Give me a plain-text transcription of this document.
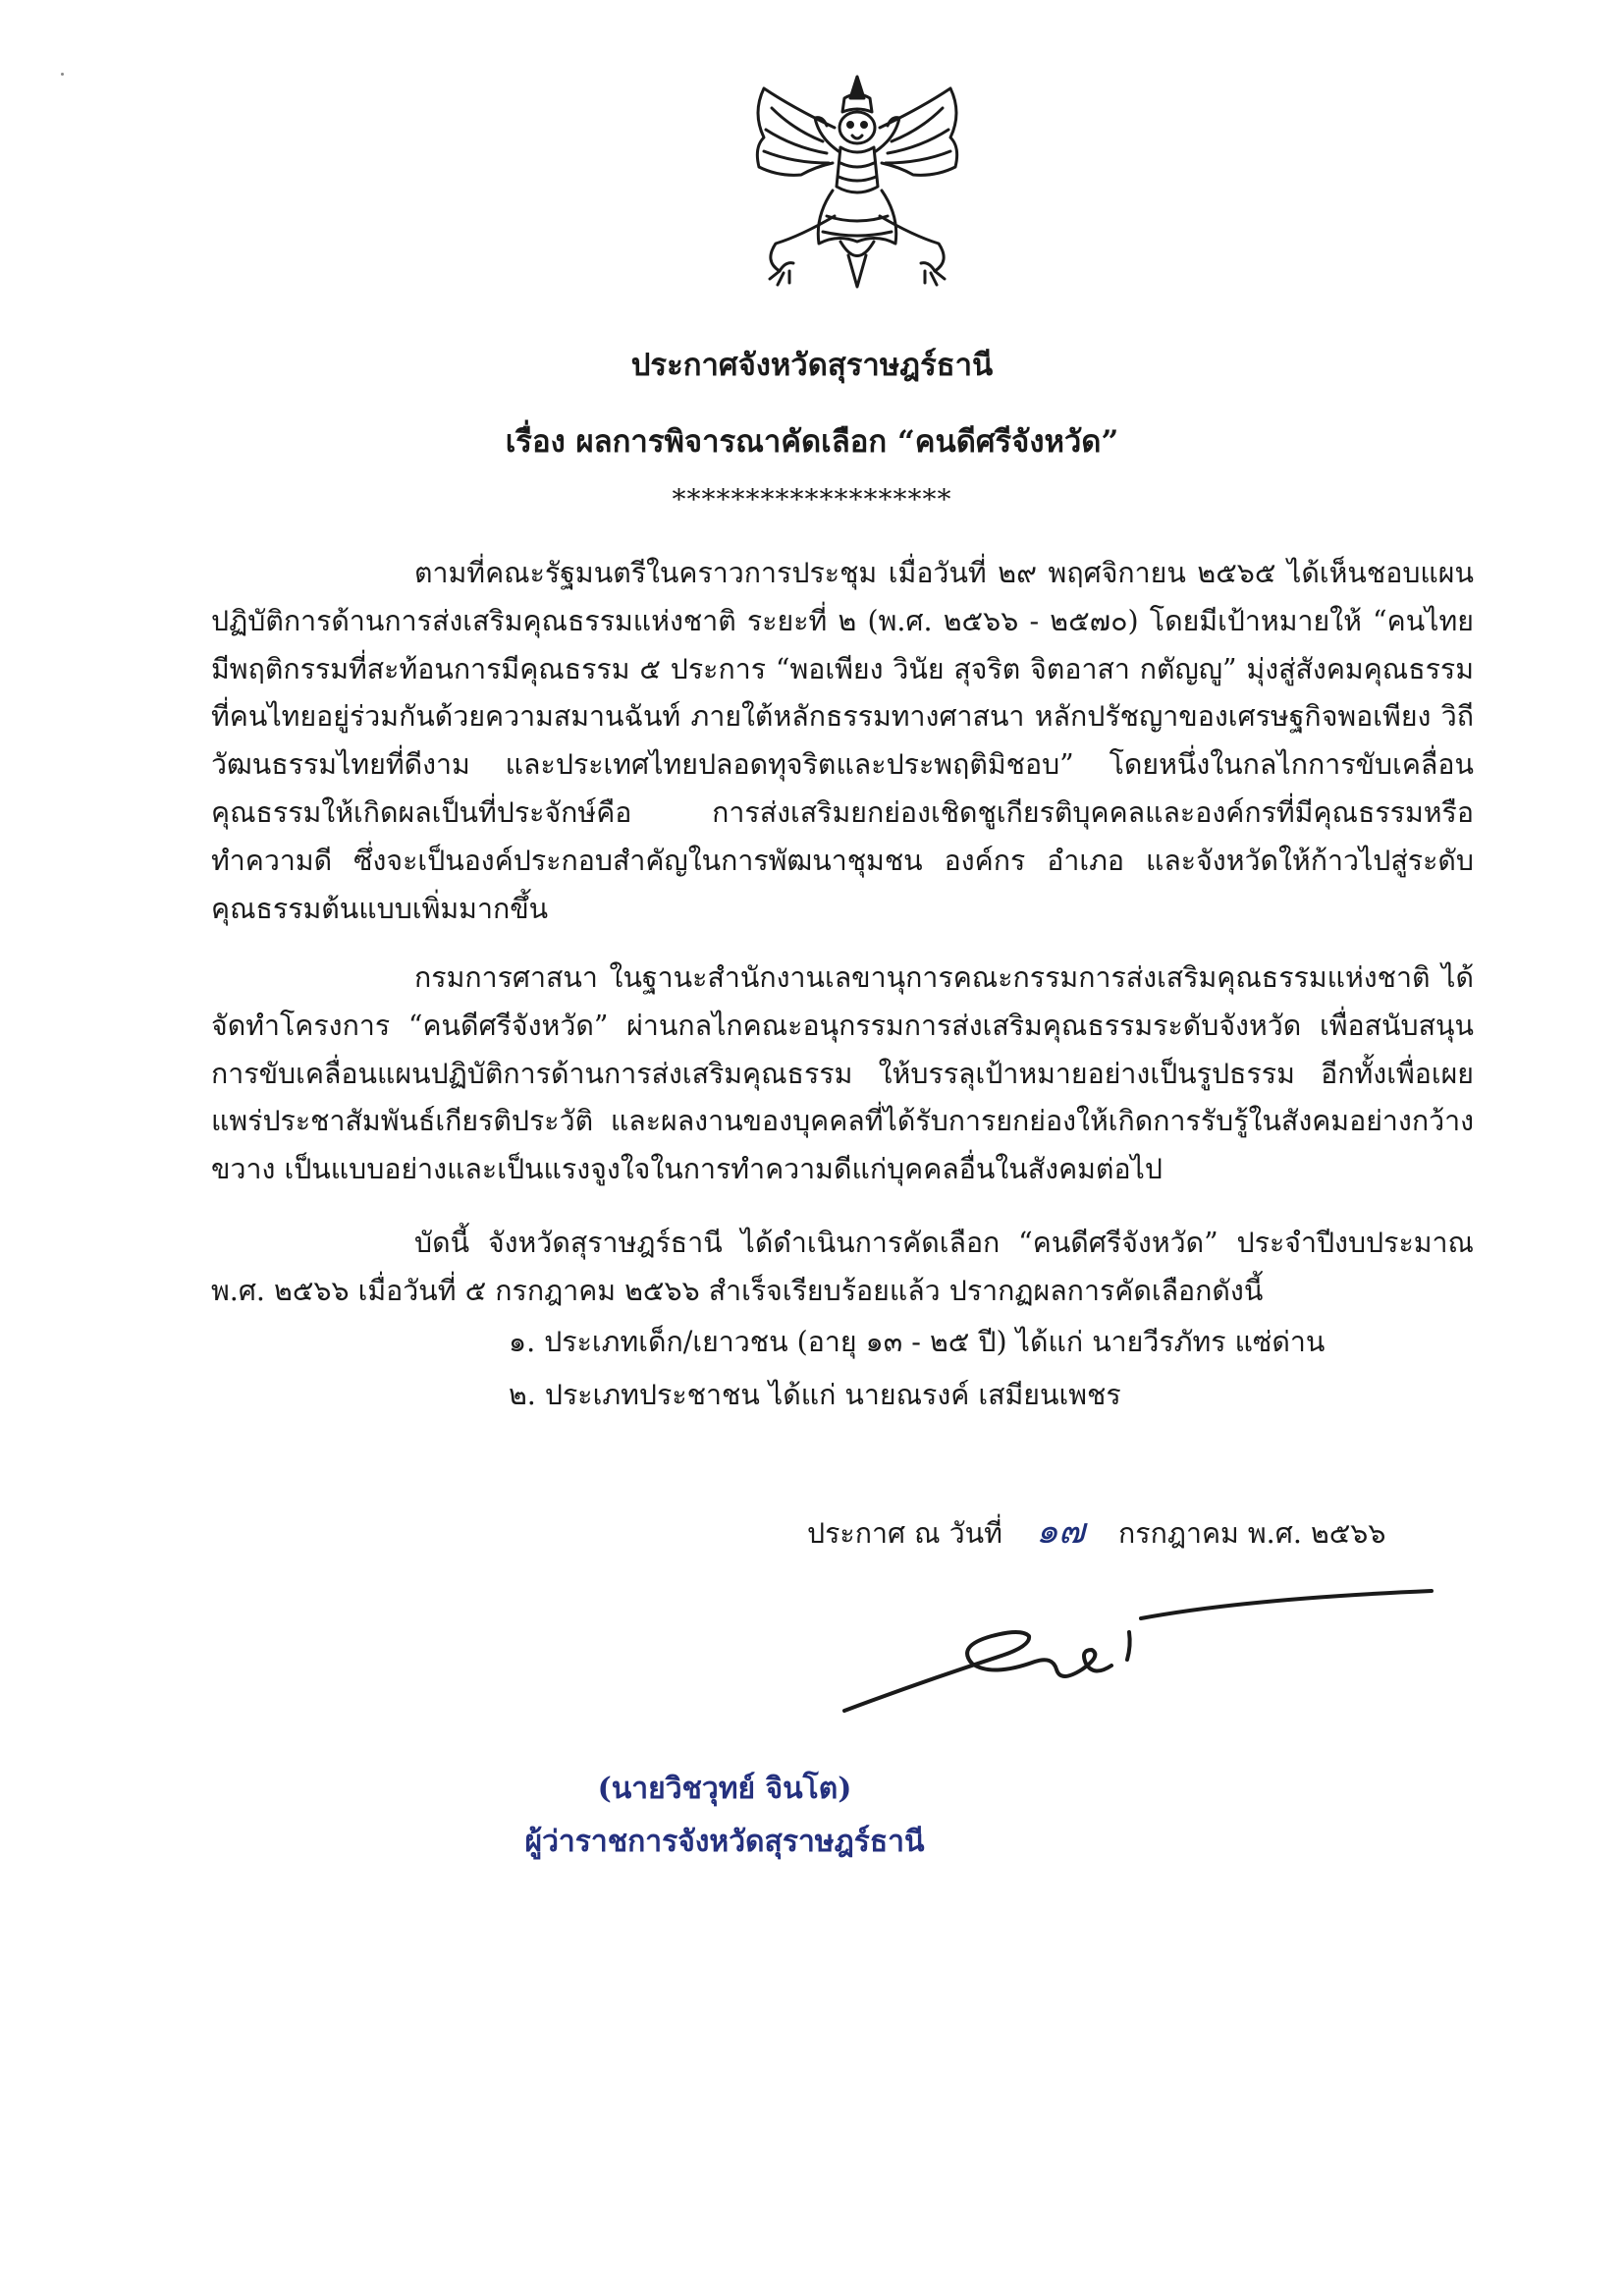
ประกาศจังหวัดสุราษฎร์ธานี
เรื่อง ผลการพิจารณาคัดเลือก “คนดีศรีจังหวัด”
*******************

ตามที่คณะรัฐมนตรีในคราวการประชุม เมื่อวันที่ ๒๙ พฤศจิกายน ๒๕๖๕ ได้เห็นชอบแผนปฏิบัติการด้านการส่งเสริมคุณธรรมแห่งชาติ ระยะที่ ๒ (พ.ศ. ๒๕๖๖ - ๒๕๗๐) โดยมีเป้าหมายให้ “คนไทยมีพฤติกรรมที่สะท้อนการมีคุณธรรม ๕ ประการ “พอเพียง วินัย สุจริต จิตอาสา กตัญญู” มุ่งสู่สังคมคุณธรรมที่คนไทยอยู่ร่วมกันด้วยความสมานฉันท์ ภายใต้หลักธรรมทางศาสนา หลักปรัชญาของเศรษฐกิจพอเพียง วิถีวัฒนธรรมไทยที่ดีงาม และประเทศไทยปลอดทุจริตและประพฤติมิชอบ” โดยหนึ่งในกลไกการขับเคลื่อนคุณธรรมให้เกิดผลเป็นที่ประจักษ์คือ การส่งเสริมยกย่องเชิดชูเกียรติบุคคลและองค์กรที่มีคุณธรรมหรือทำความดี ซึ่งจะเป็นองค์ประกอบสำคัญในการพัฒนาชุมชน องค์กร อำเภอ และจังหวัดให้ก้าวไปสู่ระดับคุณธรรมต้นแบบเพิ่มมากขึ้น

กรมการศาสนา ในฐานะสำนักงานเลขานุการคณะกรรมการส่งเสริมคุณธรรมแห่งชาติ ได้จัดทำโครงการ “คนดีศรีจังหวัด” ผ่านกลไกคณะอนุกรรมการส่งเสริมคุณธรรมระดับจังหวัด เพื่อสนับสนุนการขับเคลื่อนแผนปฏิบัติการด้านการส่งเสริมคุณธรรม ให้บรรลุเป้าหมายอย่างเป็นรูปธรรม อีกทั้งเพื่อเผยแพร่ประชาสัมพันธ์เกียรติประวัติ และผลงานของบุคคลที่ได้รับการยกย่องให้เกิดการรับรู้ในสังคมอย่างกว้างขวาง เป็นแบบอย่างและเป็นแรงจูงใจในการทำความดีแก่บุคคลอื่นในสังคมต่อไป

บัดนี้ จังหวัดสุราษฎร์ธานี ได้ดำเนินการคัดเลือก “คนดีศรีจังหวัด” ประจำปีงบประมาณ พ.ศ. ๒๕๖๖ เมื่อวันที่ ๕ กรกฎาคม ๒๕๖๖ สำเร็จเรียบร้อยแล้ว ปรากฏผลการคัดเลือกดังนี้

๑. ประเภทเด็ก/เยาวชน (อายุ ๑๓ - ๒๕ ปี) ได้แก่ นายวีรภัทร แซ่ด่าน
๒. ประเภทประชาชน ได้แก่ นายณรงค์ เสมียนเพชร
ประกาศ ณ วันที่ ๑๗ กรกฎาคม พ.ศ. ๒๕๖๖
(นายวิชวุทย์ จินโต)
ผู้ว่าราชการจังหวัดสุราษฎร์ธานี
